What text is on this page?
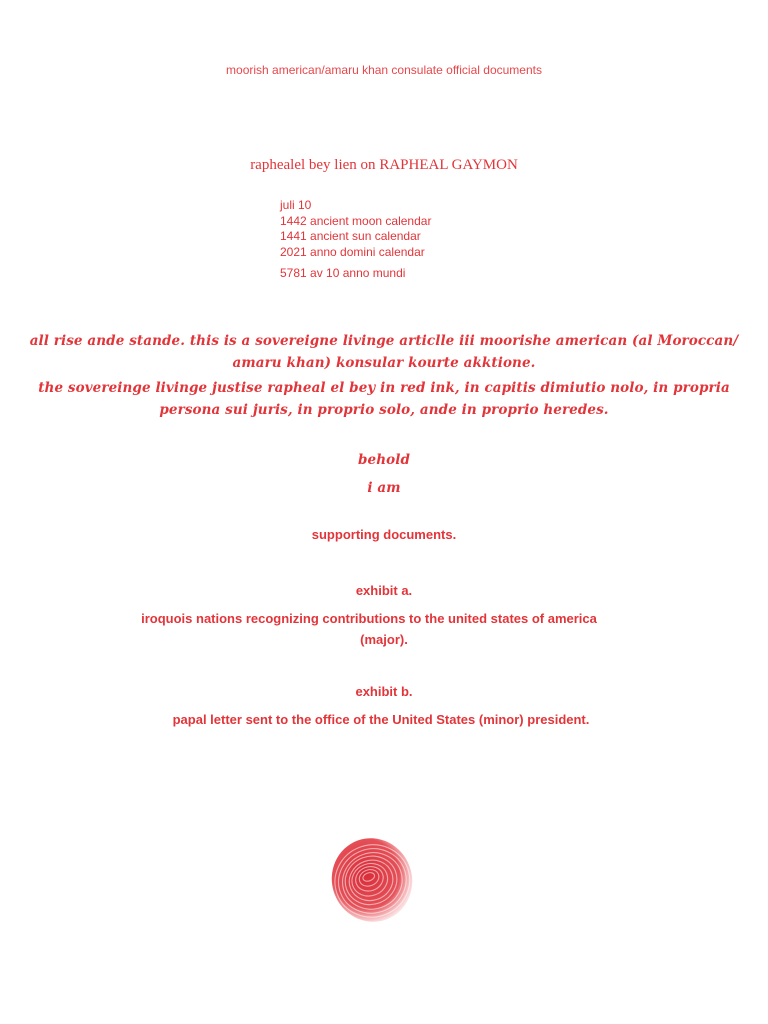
moorish american/amaru khan consulate official documents
raphealel bey lien on RAPHEAL GAYMON
juli 10
1442 ancient moon calendar
1441 ancient sun calendar
2021 anno domini calendar
5781 av 10 anno mundi
all rise ande stande. this is a sovereigne livinge articlle iii moorishe american (al Moroccan/
amaru khan) konsular kourte akktione.
the sovereinge livinge justise rapheal el bey in red ink, in capitis dimiutio nolo, in propria
persona sui juris, in proprio solo, ande in proprio heredes.
behold
i am
supporting documents.
exhibit a.
iroquois nations recognizing contributions to the united states of america
(major).
exhibit b.
papal letter sent to the office of the United States (minor) president.
